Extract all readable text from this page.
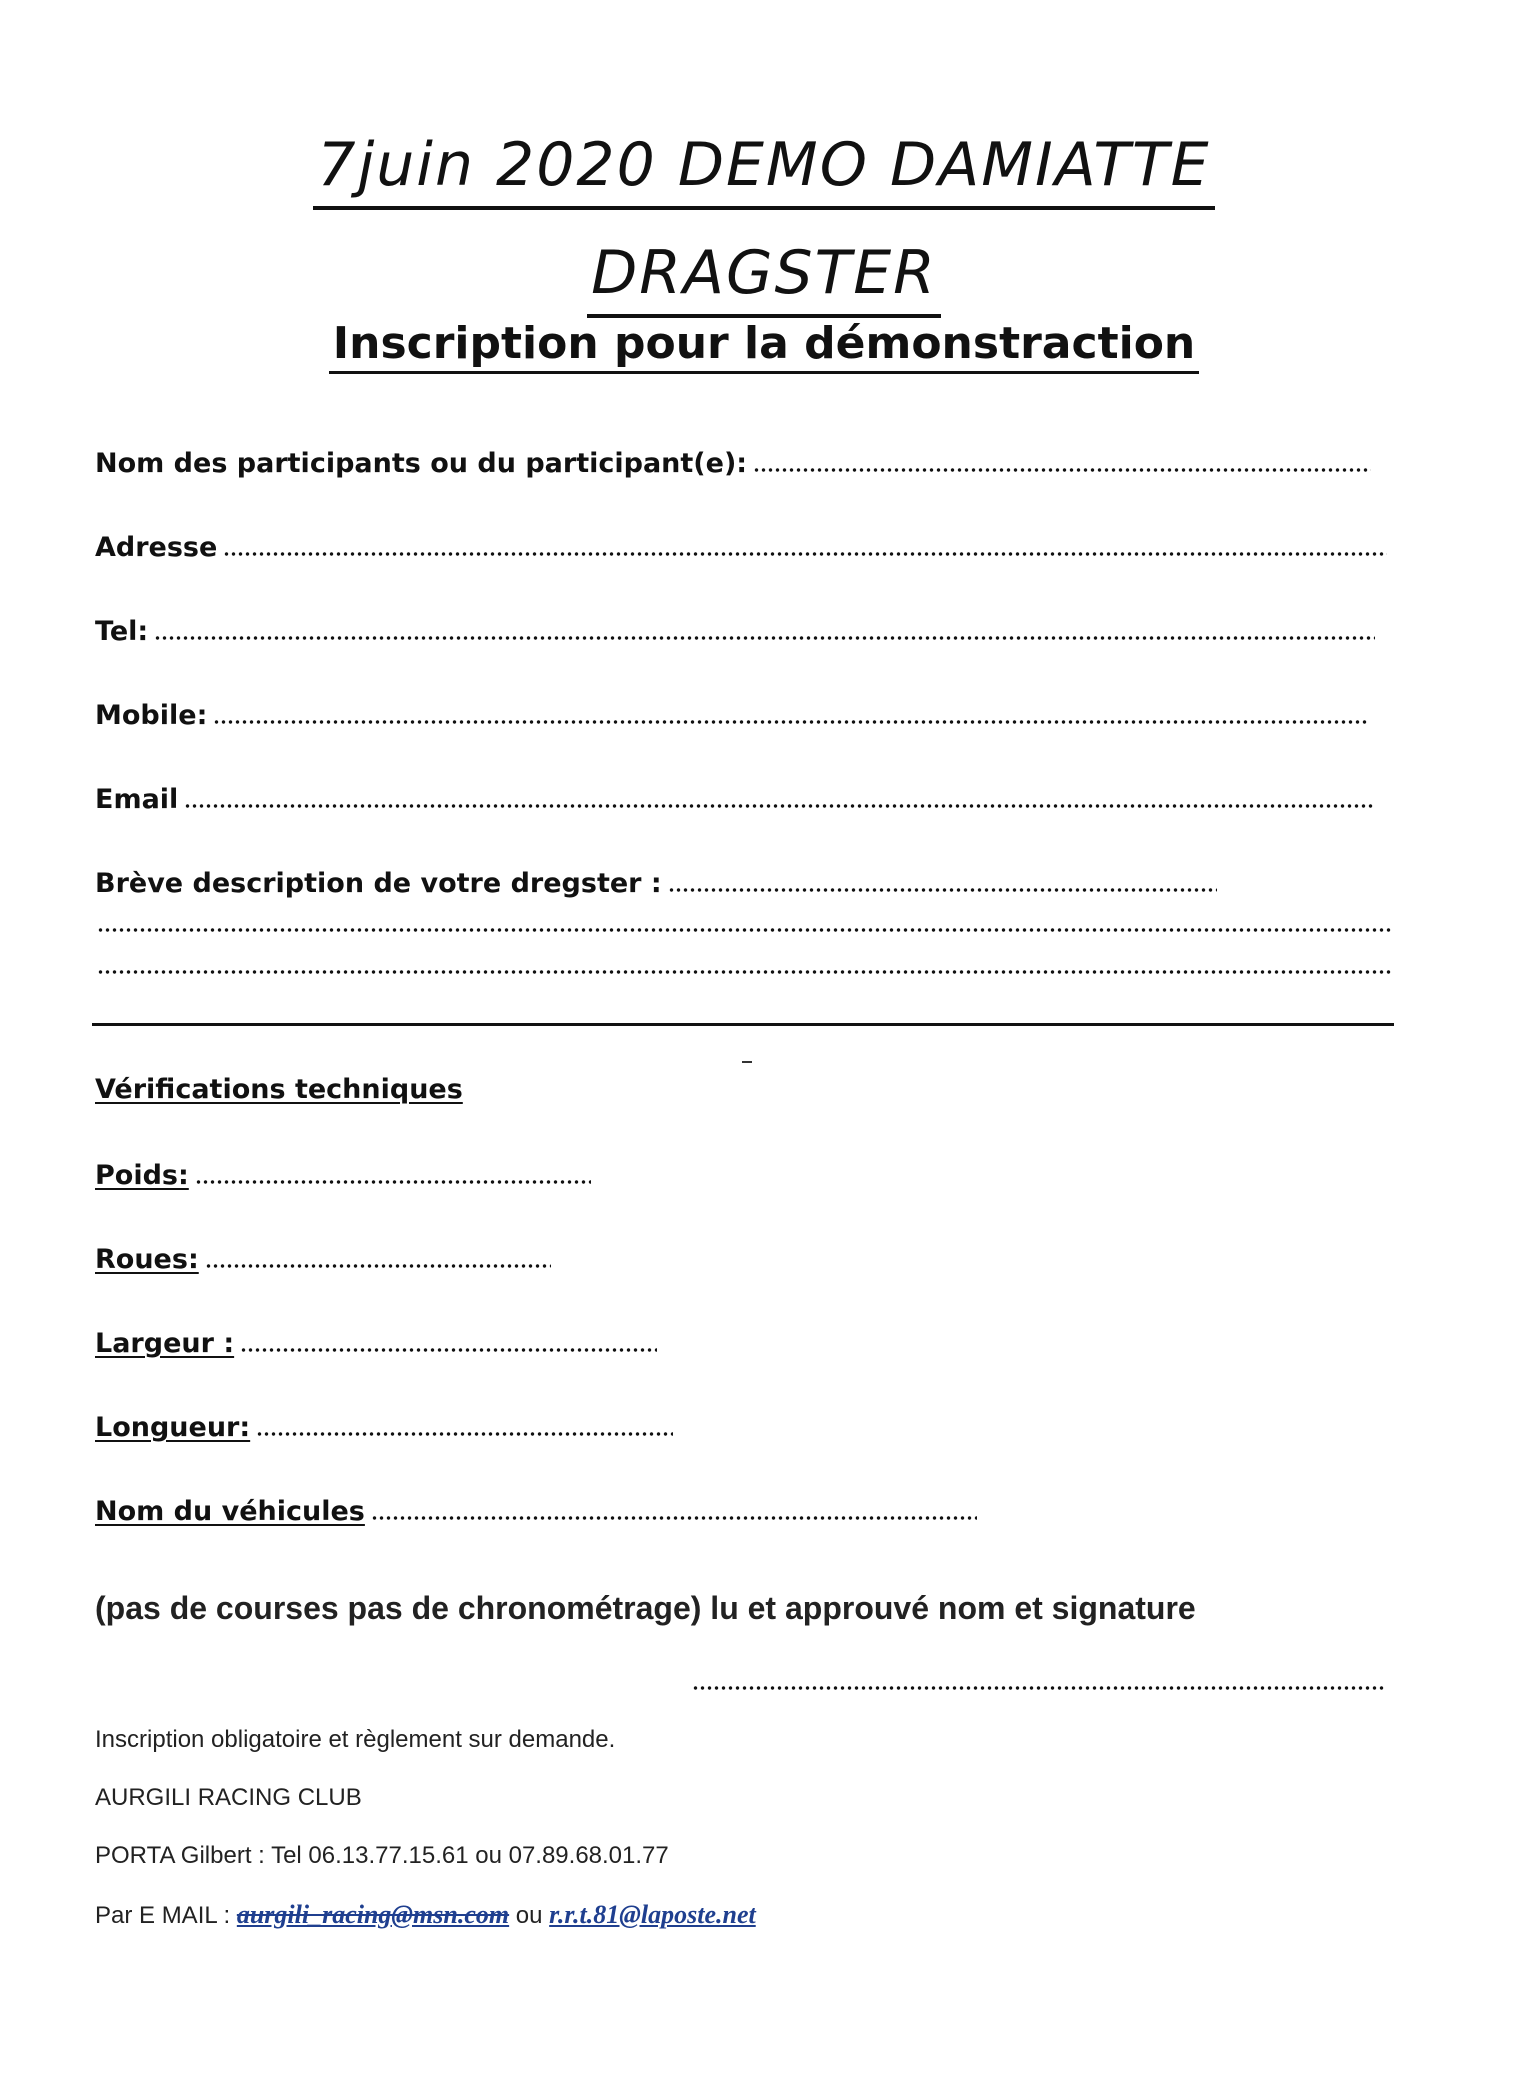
7juin 2020 DEMO DAMIATTE
DRAGSTER
Inscription pour la démonstraction
Nom des participants ou du participant(e):
Adresse
Tel:
Mobile:
Email
Brève description de votre dregster :
Vérifications techniques
Poids:
Roues:
Largeur :
Longueur:
Nom du véhicules
(pas de courses pas de chronométrage) lu et approuvé nom et signature
Inscription obligatoire et règlement sur demande.
AURGILI RACING CLUB
PORTA Gilbert : Tel 06.13.77.15.61 ou 07.89.68.01.77
Par E MAIL : aurgili_racing@msn.com ou r.r.t.81@laposte.net
